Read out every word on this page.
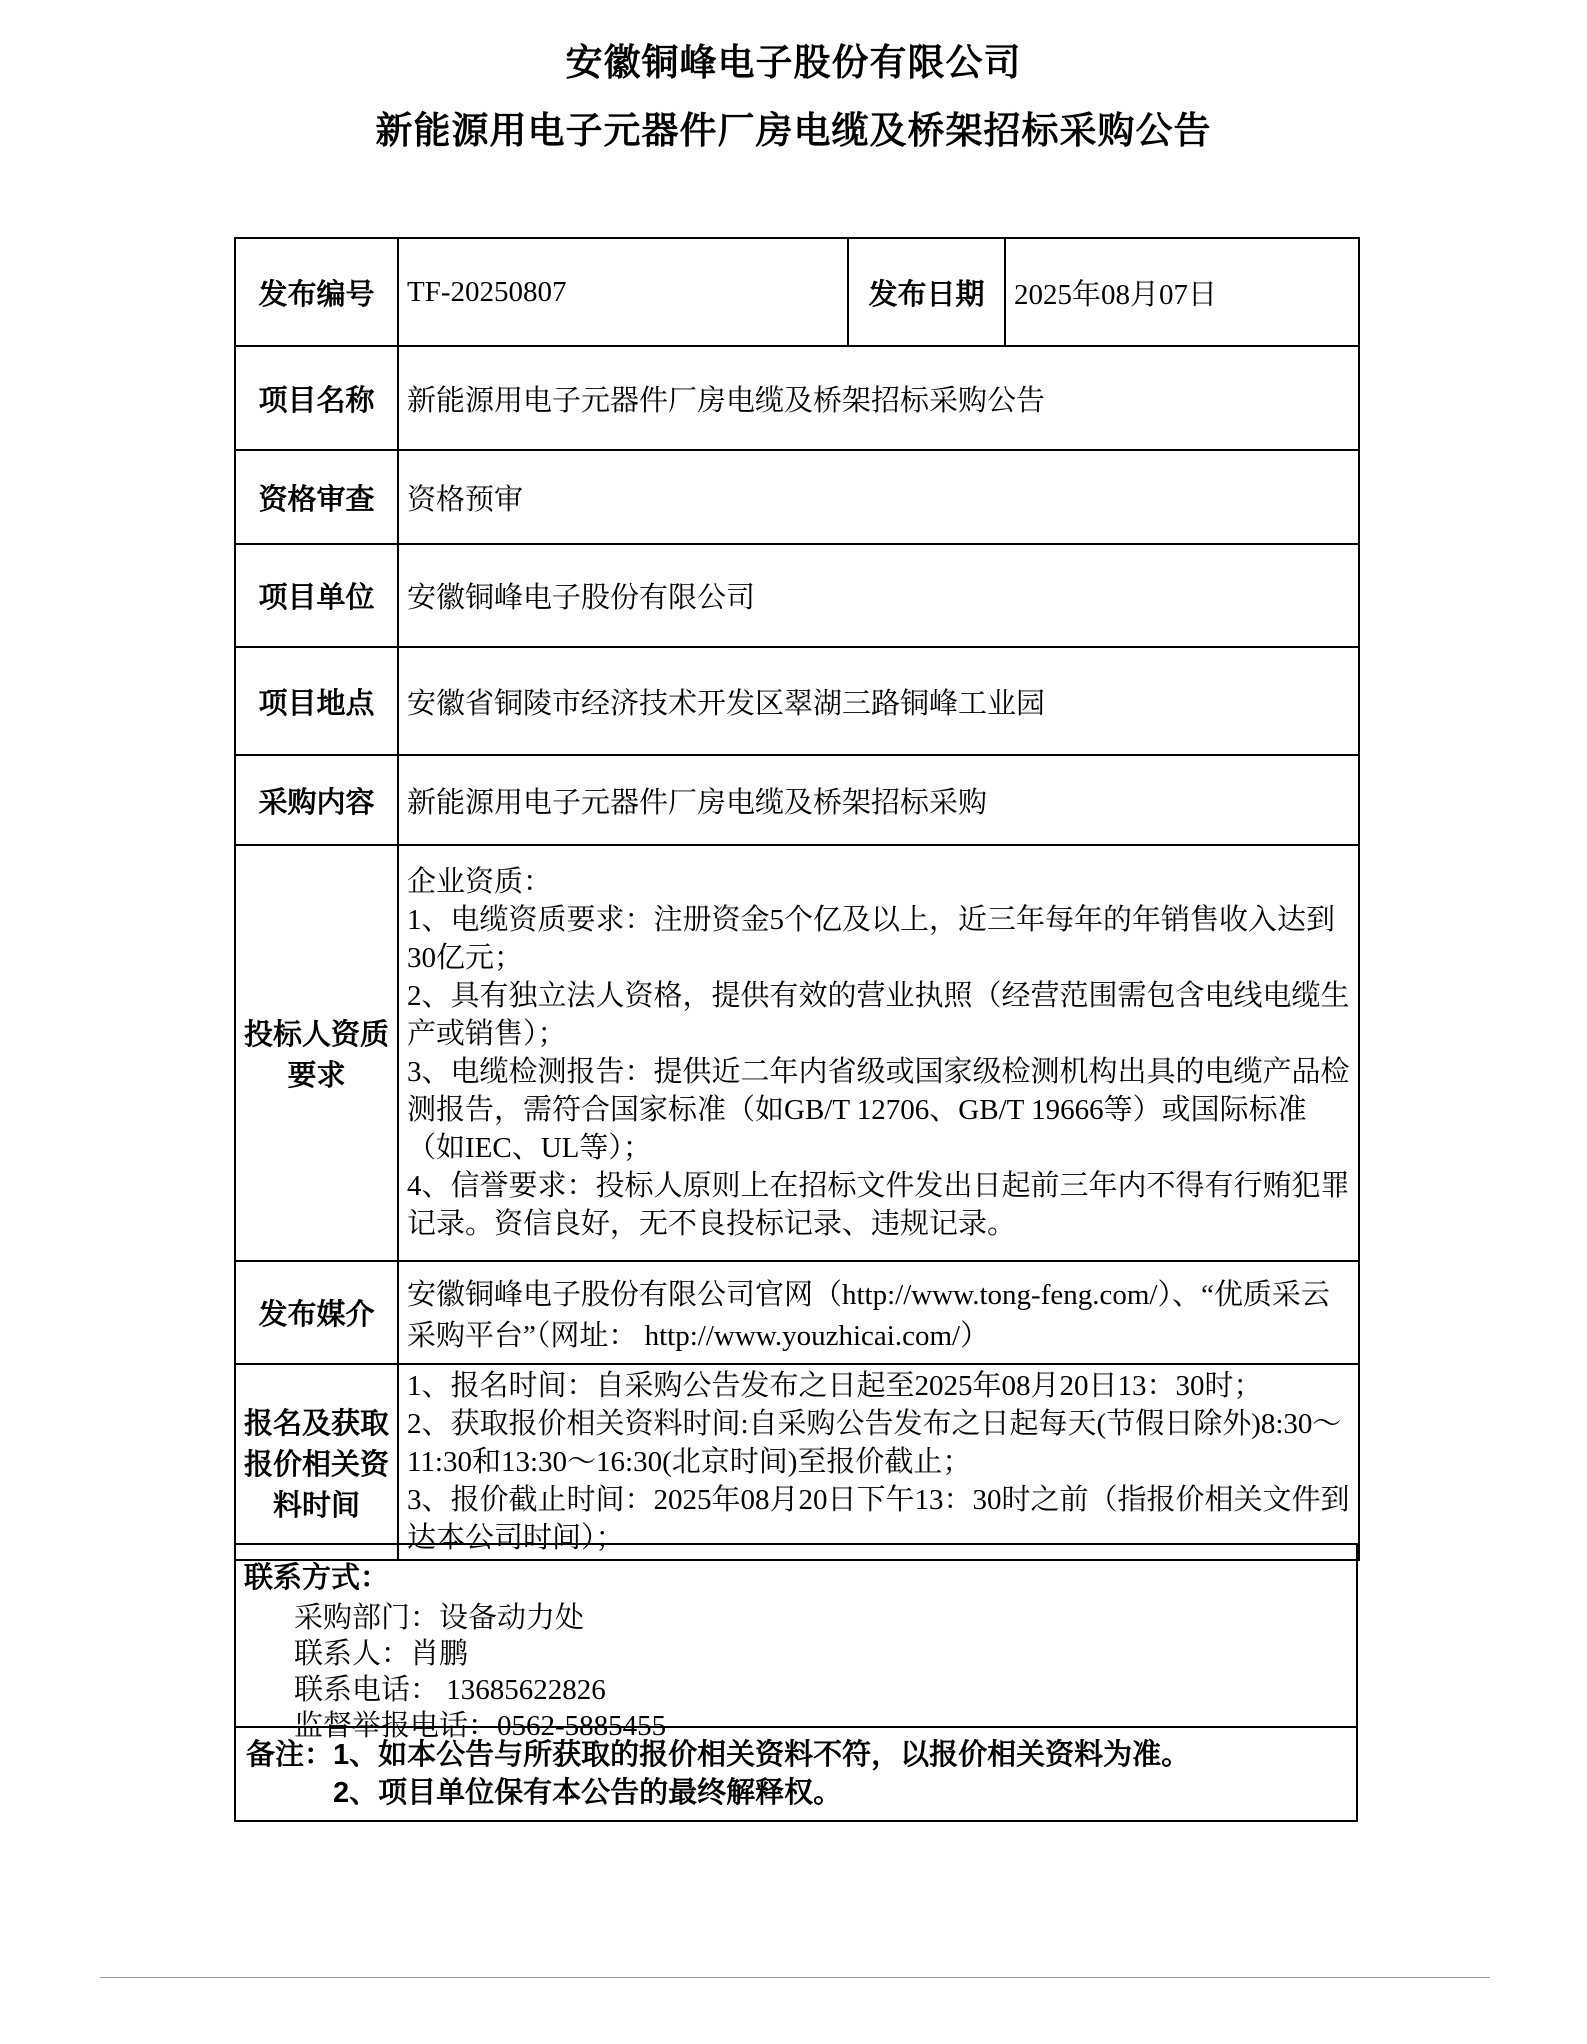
安徽铜峰电子股份有限公司
新能源用电子元器件厂房电缆及桥架招标采购公告
发布编号	TF-20250807	发布日期	2025年08月07日
项目名称	新能源用电子元器件厂房电缆及桥架招标采购公告		
资格审查	资格预审		
项目单位	安徽铜峰电子股份有限公司		
项目地点	安徽省铜陵市经济技术开发区翠湖三路铜峰工业园		
采购内容	新能源用电子元器件厂房电缆及桥架招标采购		
投标人资质要求	企业资质：
1、电缆资质要求：注册资金5个亿及以上，近三年每年的年销售收入达到30亿元；
2、具有独立法人资格，提供有效的营业执照（经营范围需包含电线电缆生产或销售）；
3、电缆检测报告：提供近二年内省级或国家级检测机构出具的电缆产品检测报告，需符合国家标准（如GB/T 12706、GB/T 19666等）或国际标准（如IEC、UL等）；
4、信誉要求：投标人原则上在招标文件发出日起前三年内不得有行贿犯罪记录。资信良好，无不良投标记录、违规记录。		

发布媒介	安徽铜峰电子股份有限公司官网（http://www.tong-feng.com/）、“优质采云采购平台”（网址： http://www.youzhicai.com/）		
报名及获取报价相关资料时间	1、报名时间：自采购公告发布之日起至2025年08月20日13：30时；
2、获取报价相关资料时间:自采购公告发布之日起每天(节假日除外)8:30～11:30和13:30～16:30(北京时间)至报价截止；
3、报价截止时间：2025年08月20日下午13：30时之前（指报价相关文件到达本公司时间）；		
联系方式：
采购部门：设备动力处
联系人：肖鹏
联系电话： 13685622826
监督举报电话：0562-5885455
备注：1、如本公告与所获取的报价相关资料不符，以报价相关资料为准。
2、项目单位保有本公告的最终解释权。
